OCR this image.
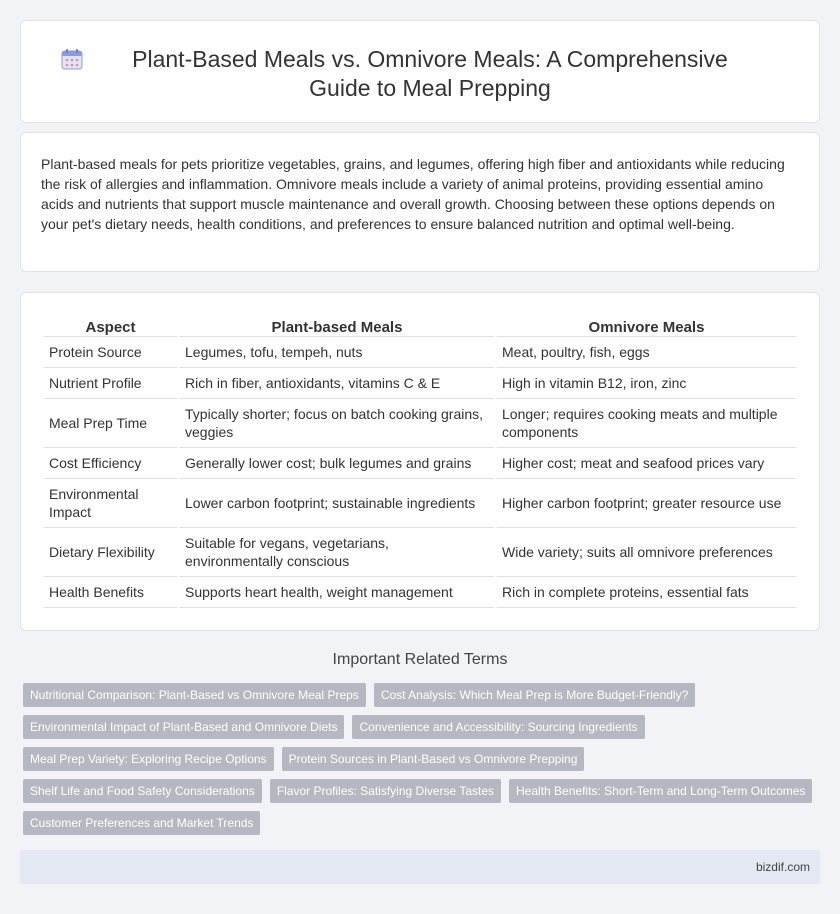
Plant-Based Meals vs. Omnivore Meals: A Comprehensive Guide to Meal Prepping

Plant-based meals for pets prioritize vegetables, grains, and legumes, offering high fiber and antioxidants while reducing the risk of allergies and inflammation. Omnivore meals include a variety of animal proteins, providing essential amino acids and nutrients that support muscle maintenance and overall growth. Choosing between these options depends on your pet's dietary needs, health conditions, and preferences to ensure balanced nutrition and optimal well-being.

Aspect	Plant-based Meals	Omnivore Meals
Protein Source	Legumes, tofu, tempeh, nuts	Meat, poultry, fish, eggs
Nutrient Profile	Rich in fiber, antioxidants, vitamins C & E	High in vitamin B12, iron, zinc
Meal Prep Time	Typically shorter; focus on batch cooking grains, veggies	Longer; requires cooking meats and multiple components
Cost Efficiency	Generally lower cost; bulk legumes and grains	Higher cost; meat and seafood prices vary
Environmental Impact	Lower carbon footprint; sustainable ingredients	Higher carbon footprint; greater resource use
Dietary Flexibility	Suitable for vegans, vegetarians, environmentally conscious	Wide variety; suits all omnivore preferences
Health Benefits	Supports heart health, weight management	Rich in complete proteins, essential fats
Important Related Terms
Nutritional Comparison: Plant-Based vs Omnivore Meal Preps	Cost Analysis: Which Meal Prep is More Budget-Friendly?
Environmental Impact of Plant-Based and Omnivore Diets	Convenience and Accessibility: Sourcing Ingredients
Meal Prep Variety: Exploring Recipe Options	Protein Sources in Plant-Based vs Omnivore Prepping
Shelf Life and Food Safety Considerations	Flavor Profiles: Satisfying Diverse Tastes	Health Benefits: Short-Term and Long-Term Outcomes
Customer Preferences and Market Trends
bizdif.com
